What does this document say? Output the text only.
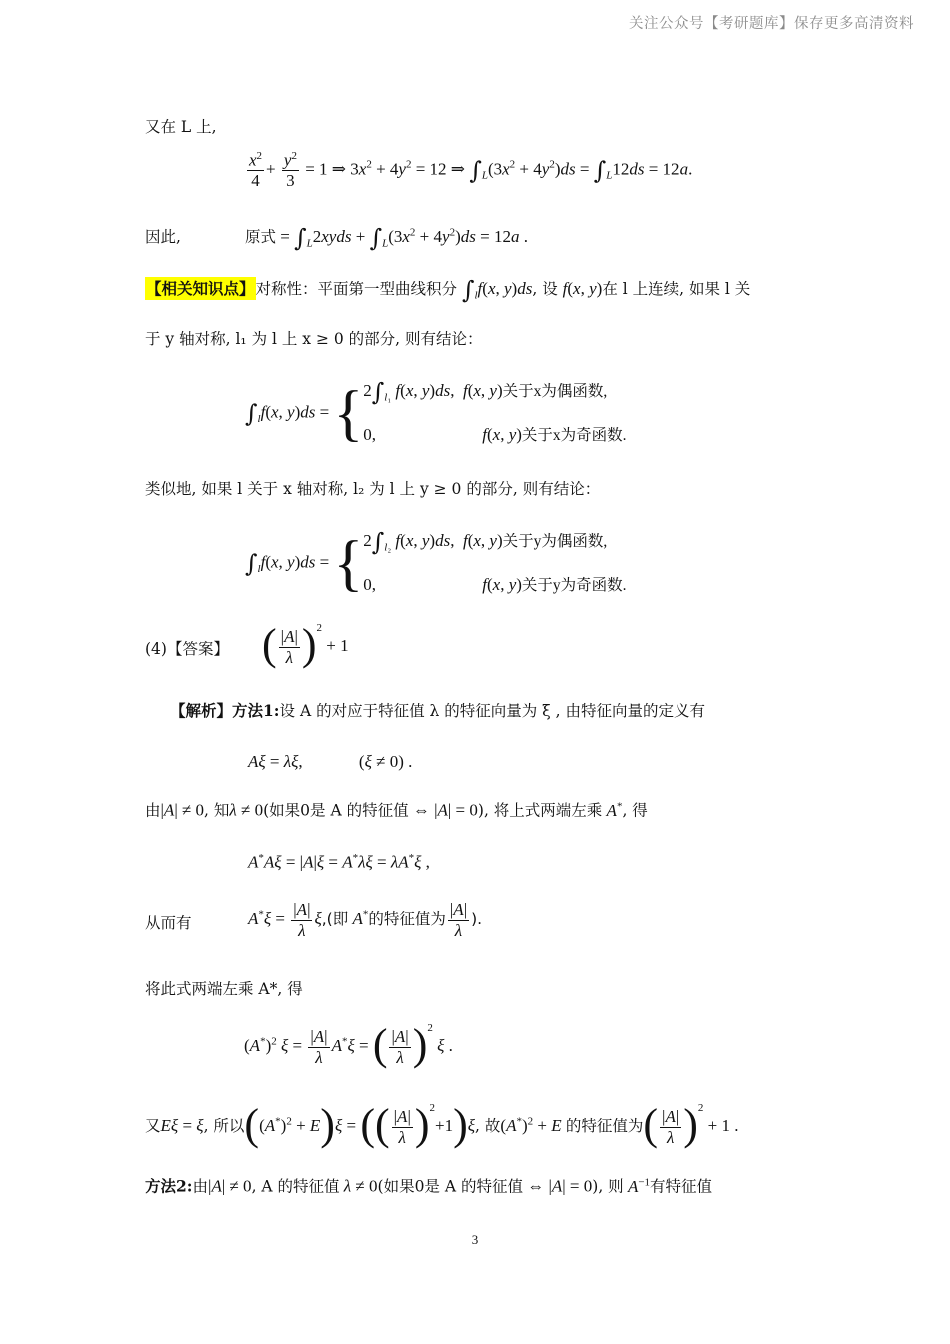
关注公众号【考研题库】保存更多高清资料
又在 L 上,
$\frac{x^2}{4} + \frac{y^2}{3} = 1$ ⇒ $3x^2 + 4y^2 = 12$ ⇒ $\int_L(3x^2 + 4y^2)ds = \int_L12ds = 12a$.
因此,	原式 = $\int_L2xyds + \int_L(3x^2 + 4y^2)ds = 12a$ .
【相关知识点】对称性：平面第一型曲线积分 $\int_lf(x$, y)ds, 设 f(x, y)在 l 上连续, 如果 l 关
于 y 轴对称, l₁ 为 l 上 x ≥ 0 的部分, 则有结论：
$\int_lf(x$, y)ds = { $2\int_{l_1}$ f(x, y)ds,  f(x, y)关于x为偶函数,
0,	f(x, y)关于x为奇函数.
类似地, 如果 l 关于 x 轴对称, l₂ 为 l 上 y ≥ 0 的部分, 则有结论：
$\int_lf(x$, y)ds = { $2\int_{l_2}$ f(x, y)ds,  f(x, y)关于y为偶函数,
0,	f(x, y)关于y为奇函数.
(4)【答案】 ( $\frac{|A|}{\lambda} )^2 + 1$
【解析】方法1:设 A 的对应于特征值 λ 的特征向量为 ξ , 由特征向量的定义有
Aξ = λξ,	(ξ ≠ 0) .
由|A| ≠ 0, 知λ ≠ 0(如果0是 A 的特征值 ⇔ |A| = 0), 将上式两端左乘 A*, 得
A*Aξ = |A|ξ = A*λξ = λA*ξ ,
从而有	$A^*\xi = \frac{|A|}{\lambda} \xi$,(即 A*的特征值为 $\frac{|A|}{\lambda}$ ).
将此式两端左乘 A*, 得
$(A^*)^2$ $\xi = \frac{|A|}{\lambda} A^*\xi$ = ( $\frac{|A|}{\lambda} )^2$ ξ .
又Eξ = ξ, 所以$((A^*)^2 + E)\xi$ = (( $\frac{|A|}{\lambda} )^2+1)\xi$, 故$(A^*)^2 + E$ 的特征值为( $\frac{|A|}{\lambda} )^2 + 1$ .
方法2:由|A| ≠ 0, A 的特征值 λ ≠ 0(如果0是 A 的特征值 ⇔ |A| = 0), 则 $A^{-1}$有特征值
3
